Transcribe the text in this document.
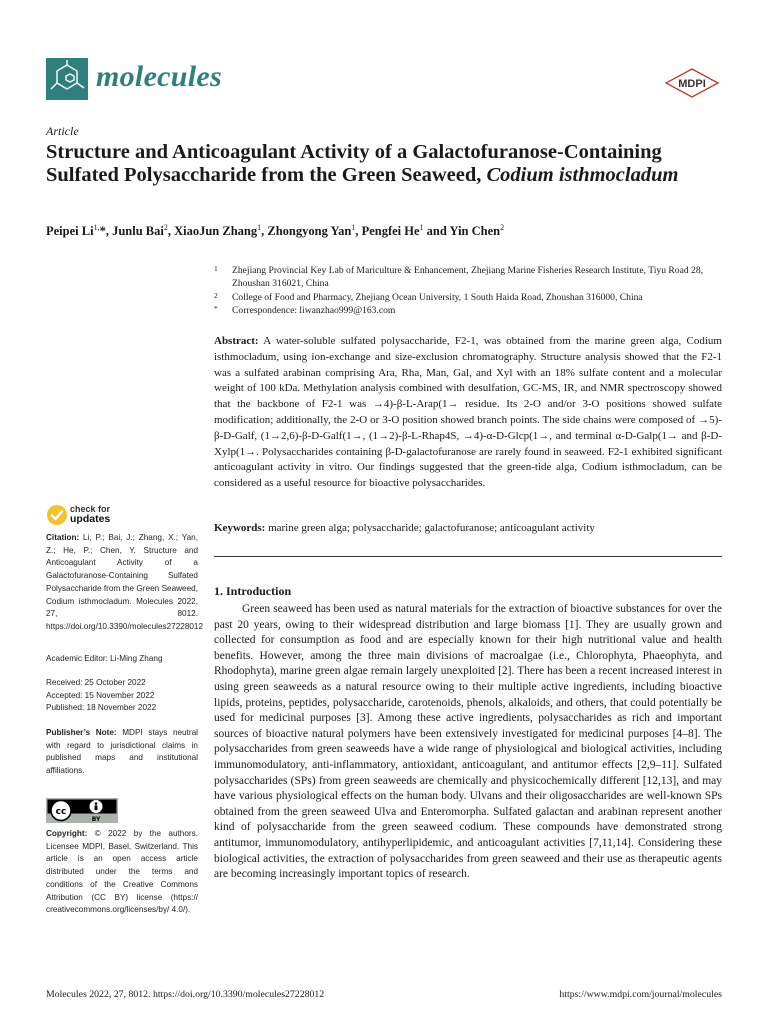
molecules	MDPI
Article
Structure and Anticoagulant Activity of a Galactofuranose-Containing Sulfated Polysaccharide from the Green Seaweed, Codium isthmocladum
Peipei $Li^{1,}*$, Junlu Bai$^2$, XiaoJun Zhang$^1$, Zhongyong Yan$^1$, Pengfei He$^1$ and Yin Chen$^2$
1 Zhejiang Provincial Key Lab of Mariculture & Enhancement, Zhejiang Marine Fisheries Research Institute, Tiyu Road 28, Zhoushan 316021, China
2 College of Food and Pharmacy, Zhejiang Ocean University, 1 South Haida Road, Zhoushan 316000, China
* Correspondence: liwanzhao999@163.com

Abstract: A water-soluble sulfated polysaccharide, F2-1, was obtained from the marine green alga, Codium isthmocladum, using ion-exchange and size-exclusion chromatography. Structure analysis showed that the F2-1 was a sulfated arabinan comprising Ara, Rha, Man, Gal, and Xyl with an 18% sulfate content and a molecular weight of 100 kDa. Methylation analysis combined with desulfation, GC-MS, IR, and NMR spectroscopy showed that the backbone of F2-1 was →4)-β-L-Arap(1→ residue. Its 2-O and/or 3-O positions showed sulfate modification; additionally, the 2-O or 3-O position showed branch points. The side chains were composed of →5)-β-D-Galf, (1→2,6)-β-D-Galf(1→, (1→2)-β-L-Rhap4S, →4)-α-D-Glcp(1→, and terminal α-D-Galp(1→ and β-D-Xylp(1→. Polysaccharides containing β-D-galactofuranose are rarely found in seaweed. F2-1 exhibited significant anticoagulant activity in vitro. Our findings suggested that the green-tide alga, Codium isthmocladum, can be considered as a useful resource for bioactive polysaccharides.

Keywords: marine green alga; polysaccharide; galactofuranose; anticoagulant activity

check for
updates
Citation: Li, P.; Bai, J.; Zhang, X.; Yan, Z.; He, P.; Chen, Y. Structure and Anticoagulant Activity of a Galactofuranose-Containing Sulfated Polysaccharide from the Green Seaweed, Codium isthmocladum. Molecules 2022, 27, 8012. https://doi.org/10.3390/molecules27228012
Academic Editor: Li-Ming Zhang
Received: 25 October 2022
Accepted: 15 November 2022
Published: 18 November 2022
Publisher’s Note: MDPI stays neutral with regard to jurisdictional claims in published maps and institutional affiliations.
cc
BY
Copyright: © 2022 by the authors. Licensee MDPI, Basel, Switzerland. This article is an open access article distributed under the terms and conditions of the Creative Commons Attribution (CC BY) license (https:// creativecommons.org/licenses/by/ 4.0/).
1. Introduction

Green seaweed has been used as natural materials for the extraction of bioactive substances for over the past 20 years, owing to their widespread distribution and large biomass [1]. They are usually grown and collected for consumption as food and are especially known for their high nutritional value and health benefits. However, among the three main divisions of macroalgae (i.e., Chlorophyta, Phaeophyta, and Rhodophyta), marine green algae remain largely unexploited [2]. There has been a recent increased interest in using green seaweeds as a natural resource owing to their multiple active ingredients, including bioactive lipids, proteins, peptides, polysaccharide, carotenoids, phenols, alkaloids, and others, that could potentially be used for medicinal purposes [3]. Among these active ingredients, polysaccharides as rich and important sources of bioactive natural polymers have been extensively investigated for medicinal purposes [4–8]. The polysaccharides from green seaweeds have a wide range of physiological and biological activities, including immunomodulatory, anti-inflammatory, antioxidant, anticoagulant, and antitumor effects [2,9–11]. Sulfated polysaccharides (SPs) from green seaweeds are chemically and physicochemically different [12,13], and may have various physiological effects on the human body. Ulvans and their oligosaccharides are well-known SPs obtained from the green seaweed Ulva and Enteromorpha. Sulfated galactan and arabinan represent another kind of polysaccharide from the green seaweed codium. These compounds have demonstrated strong antitumor, immunomodulatory, antihyperlipidemic, and anticoagulant activities [7,11,14]. Considering these biological activities, the extraction of polysaccharides from green seaweed and their use as therapeutic agents are becoming increasingly important topics of research.

Molecules 2022, 27, 8012. https://doi.org/10.3390/molecules27228012	https://www.mdpi.com/journal/molecules
